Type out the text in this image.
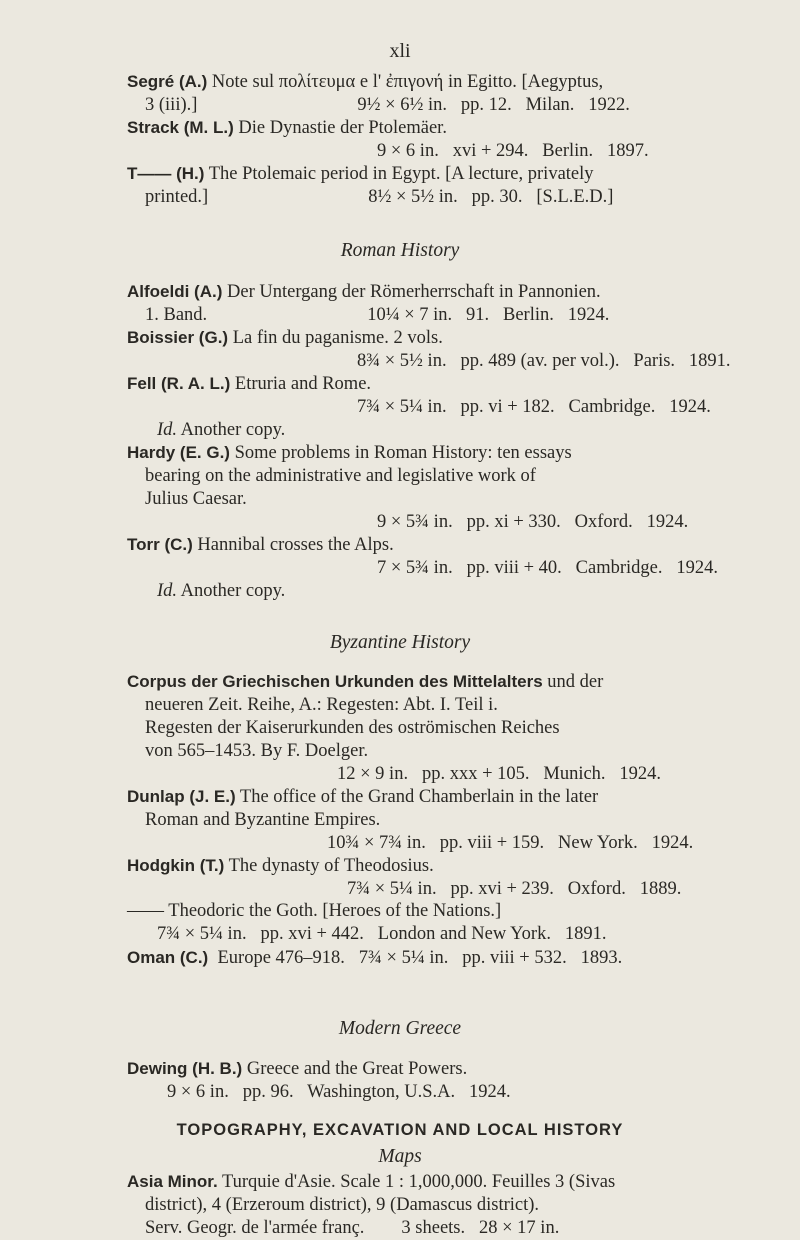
xli
Segré (A.) Note sul πολίτευμα e l' ἐπιγονή in Egitto. [Aegyptus,
3 (iii).]	9½ × 6½ in.   pp. 12.   Milan.   1922.
Strack (M. L.) Die Dynastie der Ptolemäer.
9 × 6 in.   xvi + 294.   Berlin.   1897.
T—— (H.) The Ptolemaic period in Egypt. [A lecture, privately
printed.]	8½ × 5½ in.   pp. 30.   [S.L.E.D.]
Roman History
Alfoeldi (A.) Der Untergang der Römerherrschaft in Pannonien.
1. Band.	10¼ × 7 in.   91.   Berlin.   1924.
Boissier (G.) La fin du paganisme. 2 vols.
8¾ × 5½ in.   pp. 489 (av. per vol.).   Paris.   1891.
Fell (R. A. L.) Etruria and Rome.
7¾ × 5¼ in.   pp. vi + 182.   Cambridge.   1924.
Id. Another copy.
Hardy (E. G.) Some problems in Roman History: ten essays
bearing on the administrative and legislative work of
Julius Caesar.
9 × 5¾ in.   pp. xi + 330.   Oxford.   1924.
Torr (C.) Hannibal crosses the Alps.
7 × 5¾ in.   pp. viii + 40.   Cambridge.   1924.
Id. Another copy.
Byzantine History
Corpus der Griechischen Urkunden des Mittelalters und der
neueren Zeit. Reihe, A.: Regesten: Abt. I. Teil i.
Regesten der Kaiserurkunden des oströmischen Reiches
von 565–1453. By F. Doelger.
12 × 9 in.   pp. xxx + 105.   Munich.   1924.
Dunlap (J. E.) The office of the Grand Chamberlain in the later
Roman and Byzantine Empires.
10¾ × 7¾ in.   pp. viii + 159.   New York.   1924.
Hodgkin (T.) The dynasty of Theodosius.
7¾ × 5¼ in.   pp. xvi + 239.   Oxford.   1889.
—— Theodoric the Goth. [Heroes of the Nations.]
7¾ × 5¼ in.   pp. xvi + 442.   London and New York.   1891.
Oman (C.) Europe 476–918.   7¾ × 5¼ in.   pp. viii + 532.   1893.
Modern Greece
Dewing (H. B.) Greece and the Great Powers.
9 × 6 in.   pp. 96.   Washington, U.S.A.   1924.
TOPOGRAPHY, EXCAVATION AND LOCAL HISTORY
Maps
Asia Minor. Turquie d'Asie. Scale 1 : 1,000,000. Feuilles 3 (Sivas
district), 4 (Erzeroum district), 9 (Damascus district).
Serv. Geogr. de l'armée franç.        3 sheets.   28 × 17 in.
